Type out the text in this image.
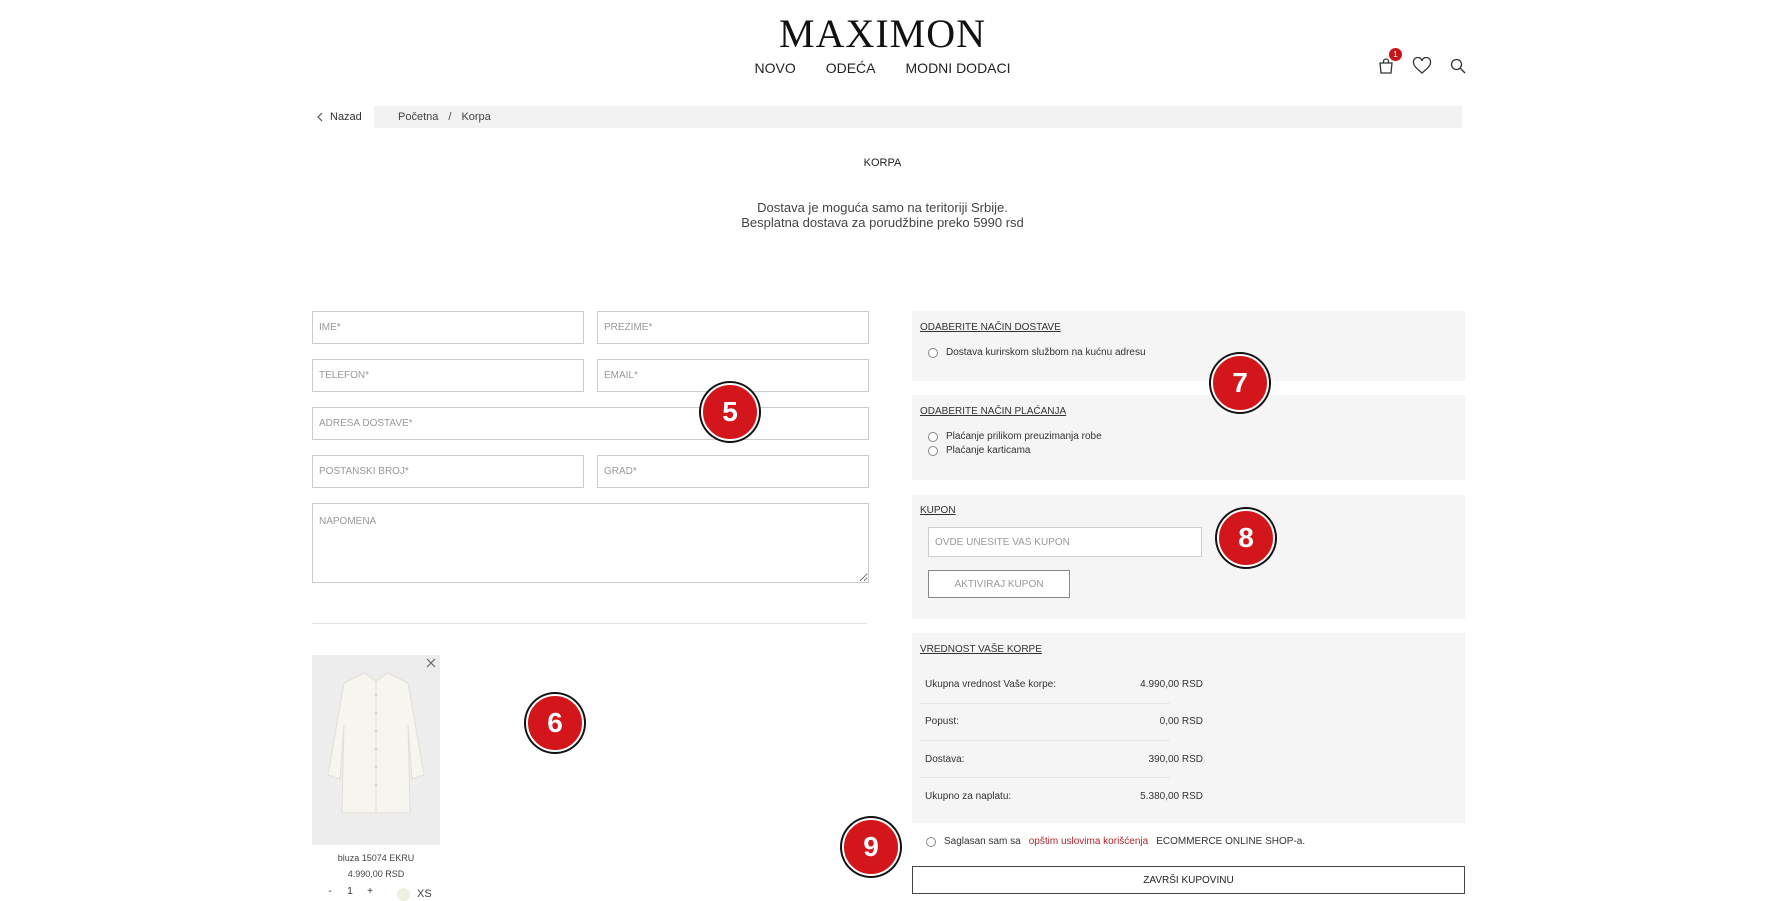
MAXIMON
NOVO ODEĆA MODNI DODACI
1
Nazad	Početna / Korpa
KORPA
Dostava je moguća samo na teritoriji Srbije.
Besplatna dostava za porudžbine preko 5990 rsd
IME*
PREZIME*
TELEFON*
EMAIL*
ADRESA DOSTAVE*
POŠTANSKI BROJ*
GRAD*
NAPOMENA
bluza 15074 EKRU
4.990,00 RSD
-	1	+	XS
ODABERITE NAČIN DOSTAVE
Dostava kurirskom službom na kućnu adresu
ODABERITE NAČIN PLAĆANJA
Plaćanje prilikom preuzimanja robe
Plaćanje karticama
KUPON
OVDE UNESITE VAŠ KUPON
AKTIVIRAJ KUPON
VREDNOST VAŠE KORPE
Ukupna vrednost Vaše korpe:	4.990,00 RSD
Popust:	0,00 RSD
Dostava:	390,00 RSD
Ukupno za naplatu:	5.380,00 RSD
Saglasan sam sa opštim uslovima korišćenja ECOMMERCE ONLINE SHOP-a.
ZAVRŠI KUPOVINU
5
6
7
8
9
